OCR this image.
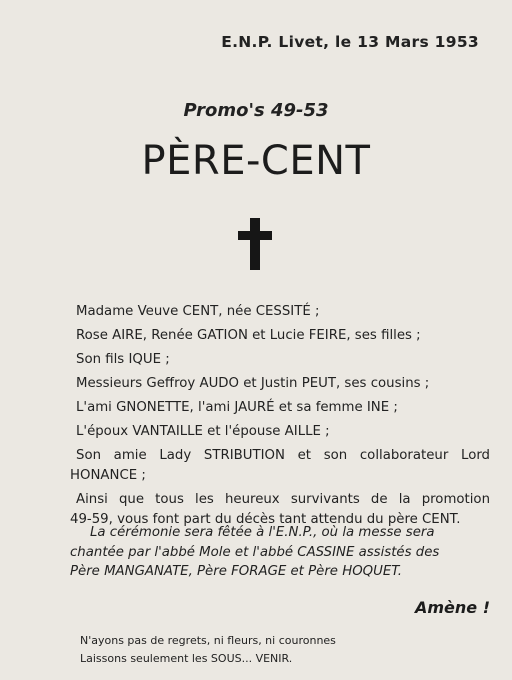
E.N.P. Livet, le 13 Mars 1953
Promo's 49-53
PÈRE-CENT
Madame Veuve CENT, née CESSITÉ ;
Rose AIRE, Renée GATION et Lucie FEIRE, ses filles ;
Son fils IQUE ;
Messieurs Geffroy AUDO et Justin PEUT, ses cousins ;
L'ami GNONETTE, l'ami JAURÉ et sa femme INE ;
L'époux VANTAILLE et l'épouse AILLE ;
Son amie Lady STRIBUTION et son collaborateur Lord
HONANCE ;
Ainsi que tous les heureux survivants de la promotion
49-59, vous font part du décès tant attendu du père CENT.
La cérémonie sera fêtée à l'E.N.P., où la messe sera
chantée par l'abbé Mole et l'abbé CASSINE assistés des
Père MANGANATE, Père FORAGE et Père HOQUET.
Amène !
N'ayons pas de regrets, ni fleurs, ni couronnes
Laissons seulement les SOUS... VENIR.
